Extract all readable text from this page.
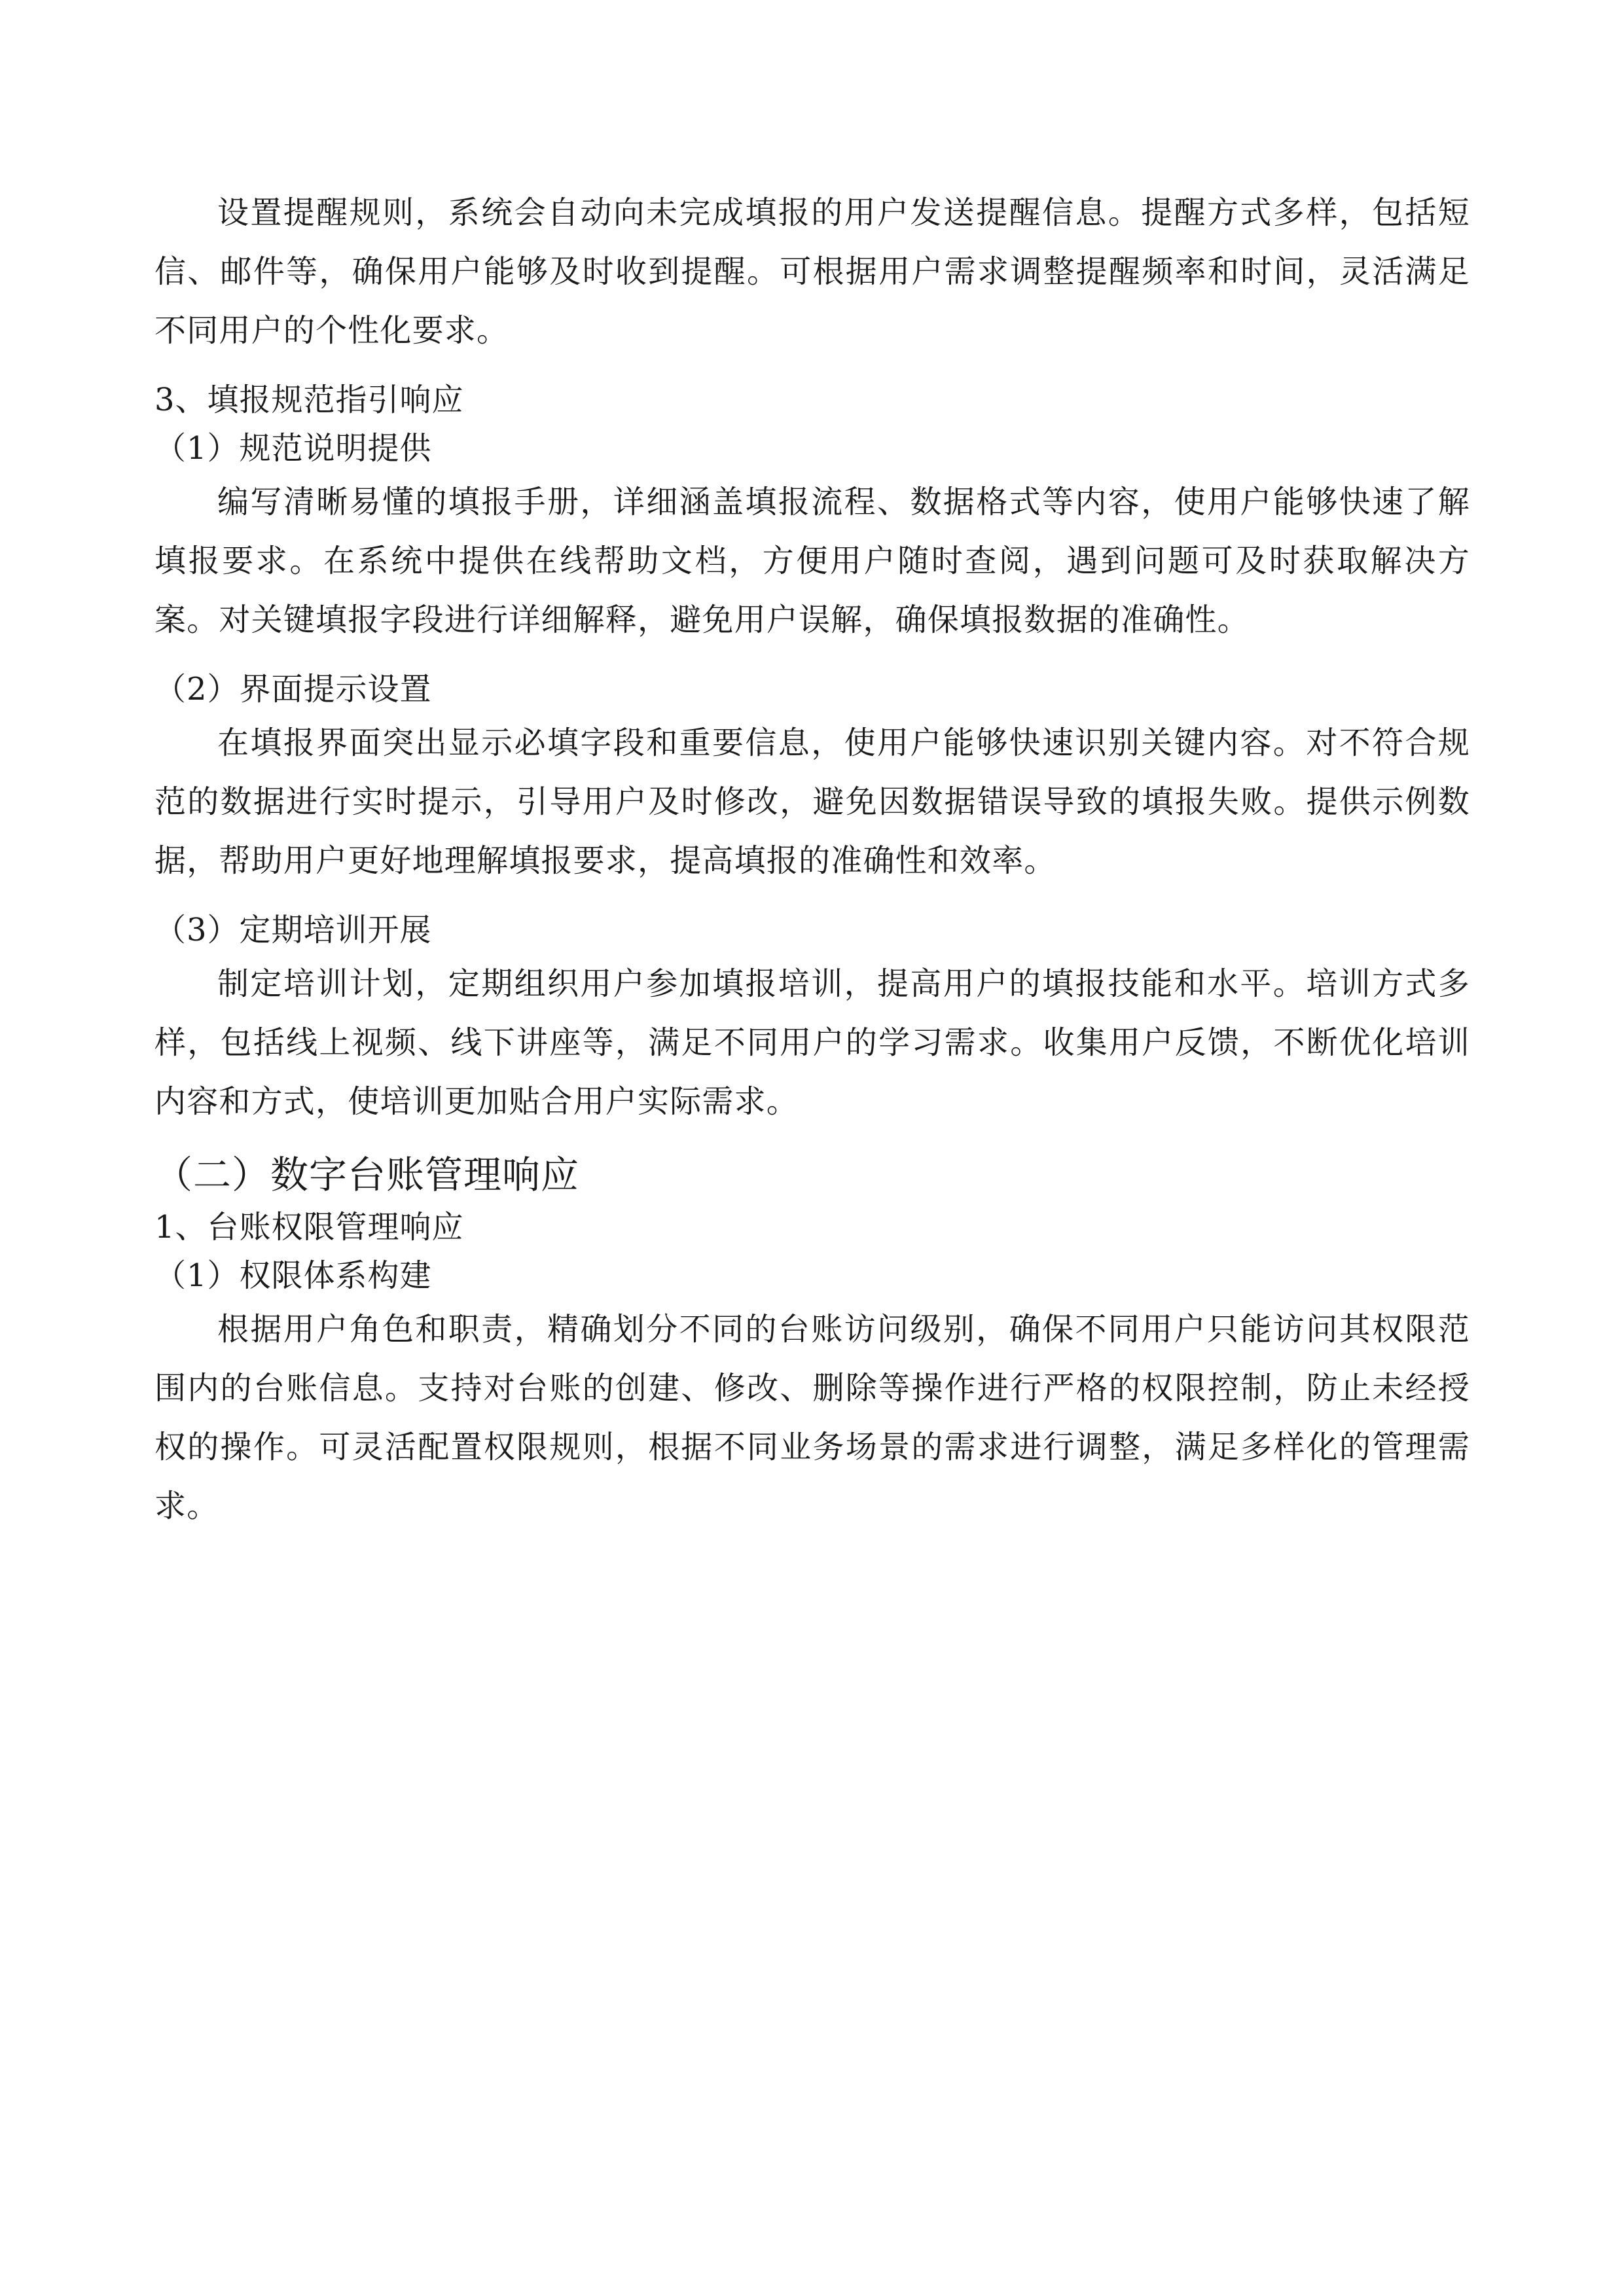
设置提醒规则，系统会自动向未完成填报的用户发送提醒信息。提醒方式多样，包括短信、邮件等，确保用户能够及时收到提醒。可根据用户需求调整提醒频率和时间，灵活满足不同用户的个性化要求。

3、填报规范指引响应
（1）规范说明提供

编写清晰易懂的填报手册，详细涵盖填报流程、数据格式等内容，使用户能够快速了解填报要求。在系统中提供在线帮助文档，方便用户随时查阅，遇到问题可及时获取解决方案。对关键填报字段进行详细解释，避免用户误解，确保填报数据的准确性。

（2）界面提示设置

在填报界面突出显示必填字段和重要信息，使用户能够快速识别关键内容。对不符合规范的数据进行实时提示，引导用户及时修改，避免因数据错误导致的填报失败。提供示例数据，帮助用户更好地理解填报要求，提高填报的准确性和效率。

（3）定期培训开展

制定培训计划，定期组织用户参加填报培训，提高用户的填报技能和水平。培训方式多样，包括线上视频、线下讲座等，满足不同用户的学习需求。收集用户反馈，不断优化培训内容和方式，使培训更加贴合用户实际需求。

（二）数字台账管理响应
1、台账权限管理响应
（1）权限体系构建

根据用户角色和职责，精确划分不同的台账访问级别，确保不同用户只能访问其权限范围内的台账信息。支持对台账的创建、修改、删除等操作进行严格的权限控制，防止未经授权的操作。可灵活配置权限规则，根据不同业务场景的需求进行调整，满足多样化的管理需求。
